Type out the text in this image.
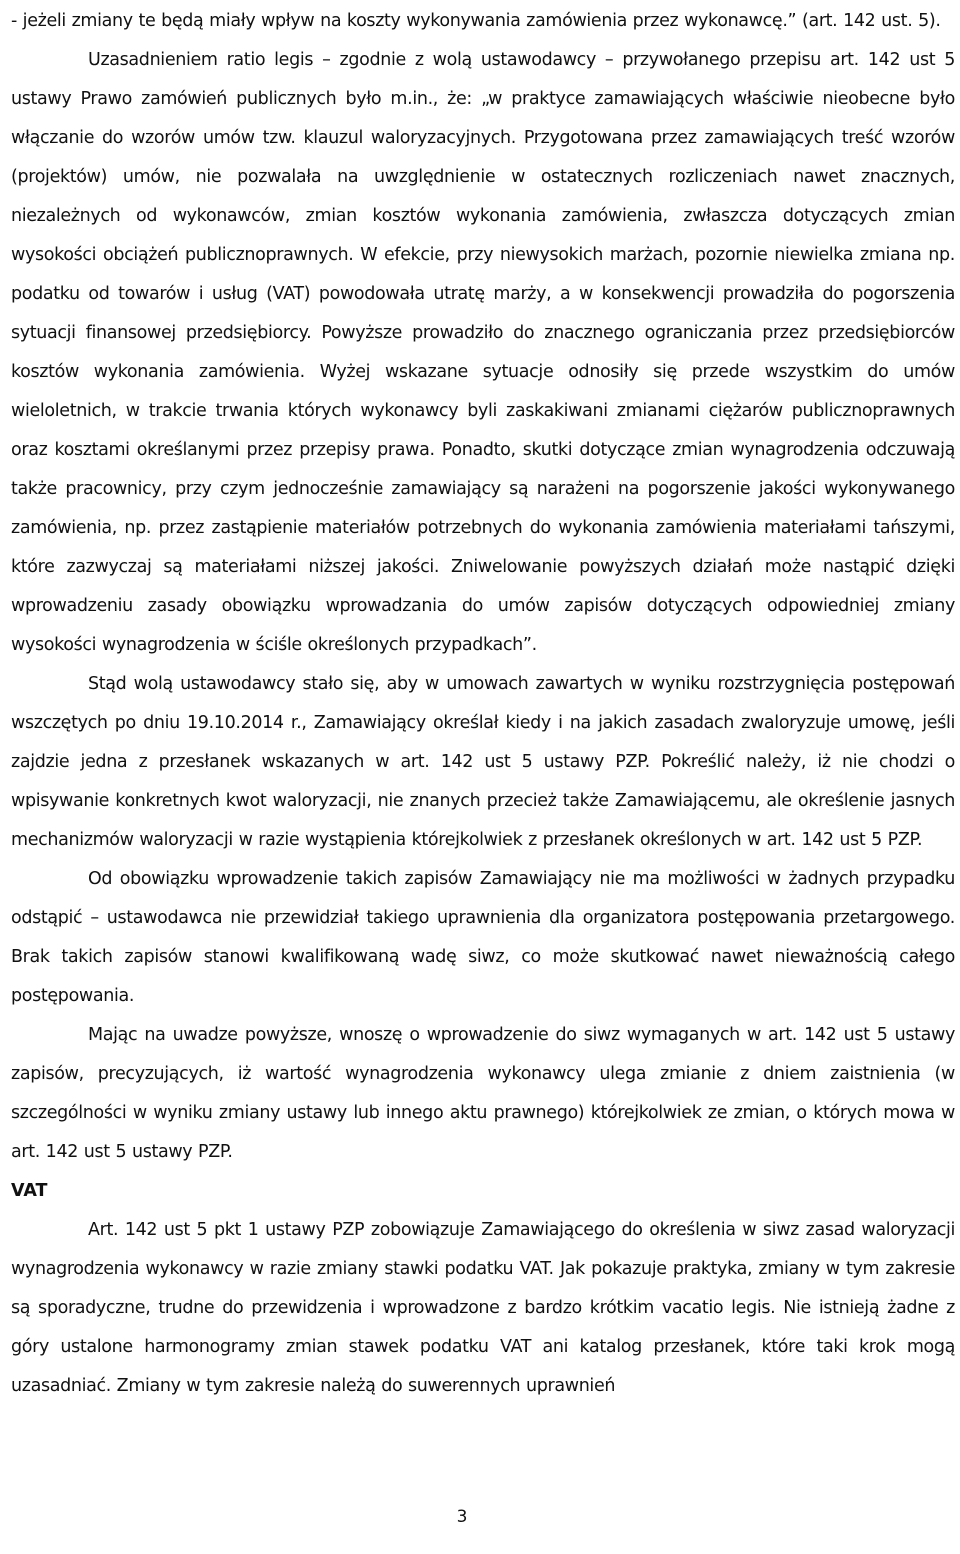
- jeżeli zmiany te będą miały wpływ na koszty wykonywania zamówienia przez wykonawcę.” (art. 142 ust. 5).

Uzasadnieniem ratio legis – zgodnie z wolą ustawodawcy – przywołanego przepisu art. 142 ust 5 ustawy Prawo zamówień publicznych było m.in., że: „w praktyce zamawiających właściwie nieobecne było włączanie do wzorów umów tzw. klauzul waloryzacyjnych. Przygotowana przez zamawiających treść wzorów (projektów) umów, nie pozwalała na uwzględnienie w ostatecznych rozliczeniach nawet znacznych, niezależnych od wykonawców, zmian kosztów wykonania zamówienia, zwłaszcza dotyczących zmian wysokości obciążeń publicznoprawnych. W efekcie, przy niewysokich marżach, pozornie niewielka zmiana np. podatku od towarów i usług (VAT) powodowała utratę marży, a w konsekwencji prowadziła do pogorszenia sytuacji finansowej przedsiębiorcy. Powyższe prowadziło do znacznego ograniczania przez przedsiębiorców kosztów wykonania zamówienia. Wyżej wskazane sytuacje odnosiły się przede wszystkim do umów wieloletnich, w trakcie trwania których wykonawcy byli zaskakiwani zmianami ciężarów publicznoprawnych oraz kosztami określanymi przez przepisy prawa. Ponadto, skutki dotyczące zmian wynagrodzenia odczuwają także pracownicy, przy czym jednocześnie zamawiający są narażeni na pogorszenie jakości wykonywanego zamówienia, np. przez zastąpienie materiałów potrzebnych do wykonania zamówienia materiałami tańszymi, które zazwyczaj są materiałami niższej jakości. Zniwelowanie powyższych działań może nastąpić dzięki wprowadzeniu zasady obowiązku wprowadzania do umów zapisów dotyczących odpowiedniej zmiany wysokości wynagrodzenia w ściśle określonych przypadkach”.

Stąd wolą ustawodawcy stało się, aby w umowach zawartych w wyniku rozstrzygnięcia postępowań wszczętych po dniu 19.10.2014 r., Zamawiający określał kiedy i na jakich zasadach zwaloryzuje umowę, jeśli zajdzie jedna z przesłanek wskazanych w art. 142 ust 5 ustawy PZP. Pokreślić należy, iż nie chodzi o wpisywanie konkretnych kwot waloryzacji, nie znanych przecież także Zamawiającemu, ale określenie jasnych mechanizmów waloryzacji w razie wystąpienia którejkolwiek z przesłanek określonych w art. 142 ust 5 PZP.

Od obowiązku wprowadzenie takich zapisów Zamawiający nie ma możliwości w żadnych przypadku odstąpić – ustawodawca nie przewidział takiego uprawnienia dla organizatora postępowania przetargowego. Brak takich zapisów stanowi kwalifikowaną wadę siwz, co może skutkować nawet nieważnością całego postępowania.

Mając na uwadze powyższe, wnoszę o wprowadzenie do siwz wymaganych w art. 142 ust 5 ustawy zapisów, precyzujących, iż wartość wynagrodzenia wykonawcy ulega zmianie z dniem zaistnienia (w szczególności w wyniku zmiany ustawy lub innego aktu prawnego) którejkolwiek ze zmian, o których mowa w art. 142 ust 5 ustawy PZP.

VAT

Art. 142 ust 5 pkt 1 ustawy PZP zobowiązuje Zamawiającego do określenia w siwz zasad waloryzacji wynagrodzenia wykonawcy w razie zmiany stawki podatku VAT. Jak pokazuje praktyka, zmiany w tym zakresie są sporadyczne, trudne do przewidzenia i wprowadzone z bardzo krótkim vacatio legis. Nie istnieją żadne z góry ustalone harmonogramy zmian stawek podatku VAT ani katalog przesłanek, które taki krok mogą uzasadniać. Zmiany w tym zakresie należą do suwerennych uprawnień

3
